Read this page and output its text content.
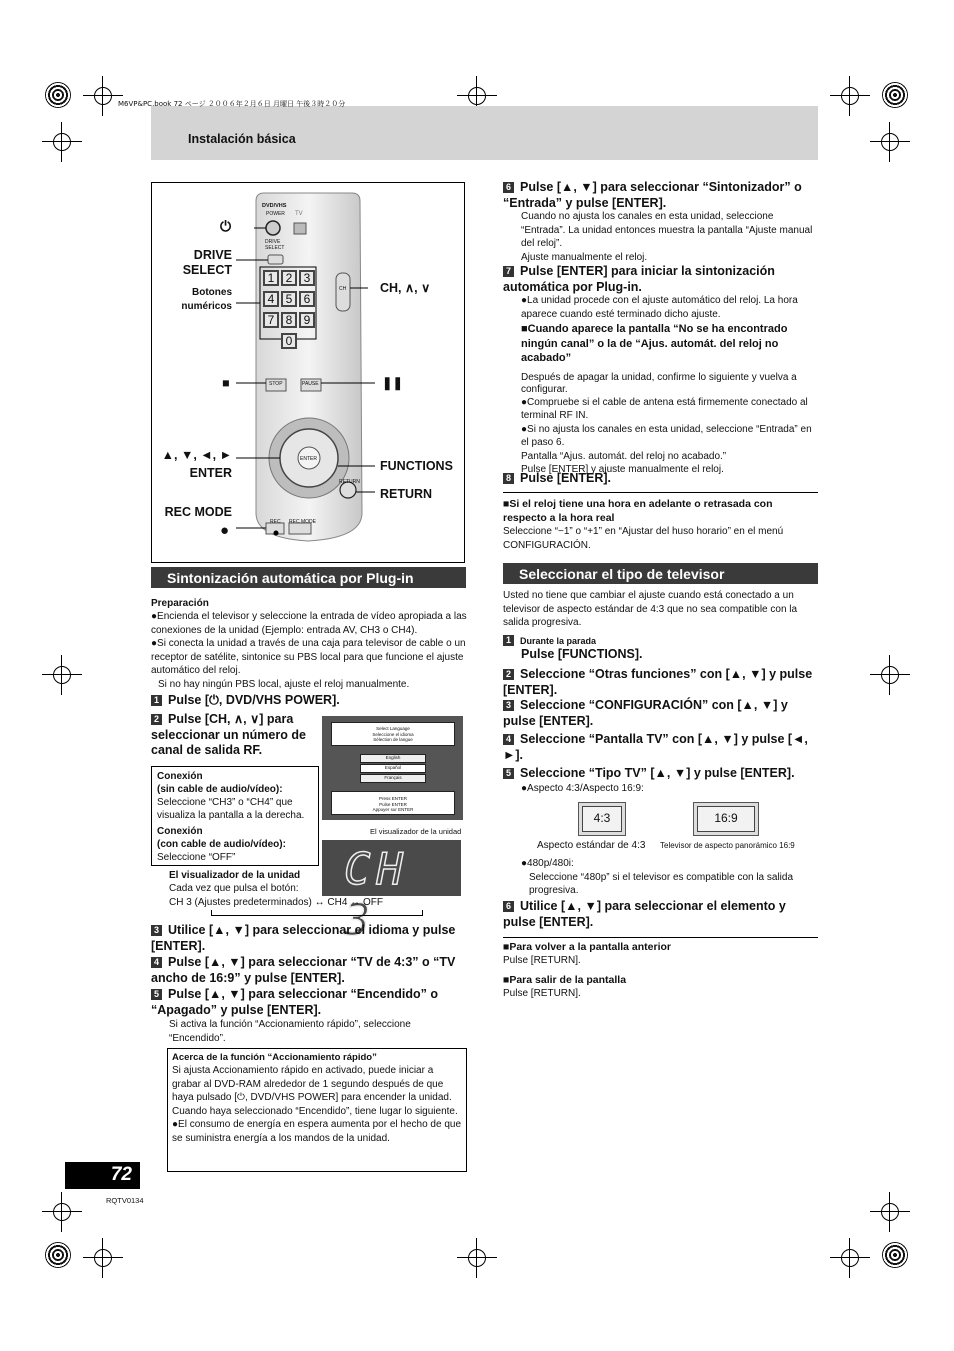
M6VP&PC.book 72 ページ ２００６年２月６日 月曜日 午後３時２０分
Instalación básica
DVD/VHS
POWER TV
DRIVE
SELECT
CH
STOP	PAUSE
ENTER
RETURN
REC REC MODE
1 2 3
4 5 6
7 8 9
0
⏻
DRIVE
SELECT
Botones
numéricos
CH, ∧, ∨
■	❚❚
▲, ▼, ◄, ►
ENTER	FUNCTIONS
RETURN
REC MODE
●
Sintonización automática por Plug-in
Preparación
●Encienda el televisor y seleccione la entrada de vídeo apropiada a las conexiones de la unidad (Ejemplo: entrada AV, CH3 o CH4).
●Si conecta la unidad a través de una caja para televisor de cable o un receptor de satélite, sintonice su PBS local para que funcione el ajuste automático del reloj.
Si no hay ningún PBS local, ajuste el reloj manualmente.
1 Pulse [⏻, DVD/VHS POWER].
2 Pulse [CH, ∧, ∨] para seleccionar un número de canal de salida RF.
Conexión
(sin cable de audio/vídeo):
Seleccione “CH3” o “CH4” que visualiza la pantalla a la derecha.
Conexión
(con cable de audio/vídeo):
Seleccione “OFF”
Select Language
Seleccione el idioma
Sélection de langue
English
Español
Français
Press ENTER
Pulse ENTER
Appuyer sur ENTER
El visualizador de la unidad
CH 3
El visualizador de la unidad
Cada vez que pulsa el botón:
CH 3 (Ajustes predeterminados) ↔ CH4 ↔ OFF
3 Utilice [▲, ▼] para seleccionar el idioma y pulse [ENTER].
4 Pulse [▲, ▼] para seleccionar “TV de 4:3” o “TV ancho de 16:9” y pulse [ENTER].
5 Pulse [▲, ▼] para seleccionar “Encendido” o “Apagado” y pulse [ENTER].
Si activa la función “Accionamiento rápido”, seleccione “Encendido”.
Acerca de la función “Accionamiento rápido”
Si ajusta Accionamiento rápido en activado, puede iniciar a grabar al DVD-RAM alrededor de 1 segundo después de que haya pulsado [⏻, DVD/VHS POWER] para encender la unidad.
Cuando haya seleccionado “Encendido”, tiene lugar lo siguiente.
●El consumo de energía en espera aumenta por el hecho de que se suministra energía a los mandos de la unidad.
6 Pulse [▲, ▼] para seleccionar “Sintonizador” o “Entrada” y pulse [ENTER].
Cuando no ajusta los canales en esta unidad, seleccione “Entrada”. La unidad entonces muestra la pantalla “Ajuste manual del reloj”.
Ajuste manualmente el reloj.
7 Pulse [ENTER] para iniciar la sintonización automática por Plug-in.
●La unidad procede con el ajuste automático del reloj. La hora aparece cuando esté terminado dicho ajuste.
■Cuando aparece la pantalla “No se ha encontrado ningún canal” o la de “Ajus. automát. del reloj no acabado”
Después de apagar la unidad, confirme lo siguiente y vuelva a configurar.
●Compruebe si el cable de antena está firmemente conectado al terminal RF IN.
●Si no ajusta los canales en esta unidad, seleccione “Entrada” en el paso 6.
Pantalla “Ajus. automát. del reloj no acabado.”
Pulse [ENTER] y ajuste manualmente el reloj.
8 Pulse [ENTER].
■Si el reloj tiene una hora en adelante o retrasada con respecto a la hora real
Seleccione “−1” o “+1” en “Ajustar del huso horario” en el menú CONFIGURACIÓN.
Seleccionar el tipo de televisor
Usted no tiene que cambiar el ajuste cuando está conectado a un televisor de aspecto estándar de 4:3 que no sea compatible con la salida progresiva.
1 Durante la parada
Pulse [FUNCTIONS].
2 Seleccione “Otras funciones” con [▲, ▼] y pulse [ENTER].
3 Seleccione “CONFIGURACIÓN” con [▲, ▼] y pulse [ENTER].
4 Seleccione “Pantalla TV” con [▲, ▼] y pulse [◄, ►].
5 Seleccione “Tipo TV” [▲, ▼] y pulse [ENTER].
●Aspecto 4:3/Aspecto 16:9:
4:3	16:9
Aspecto estándar de 4:3 Televisor de aspecto panorámico 16:9
●480p/480i:
Seleccione “480p” si el televisor es compatible con la salida progresiva.
6 Utilice [▲, ▼] para seleccionar el elemento y pulse [ENTER].
■Para volver a la pantalla anterior
Pulse [RETURN].
■Para salir de la pantalla
Pulse [RETURN].
72
RQTV0134
